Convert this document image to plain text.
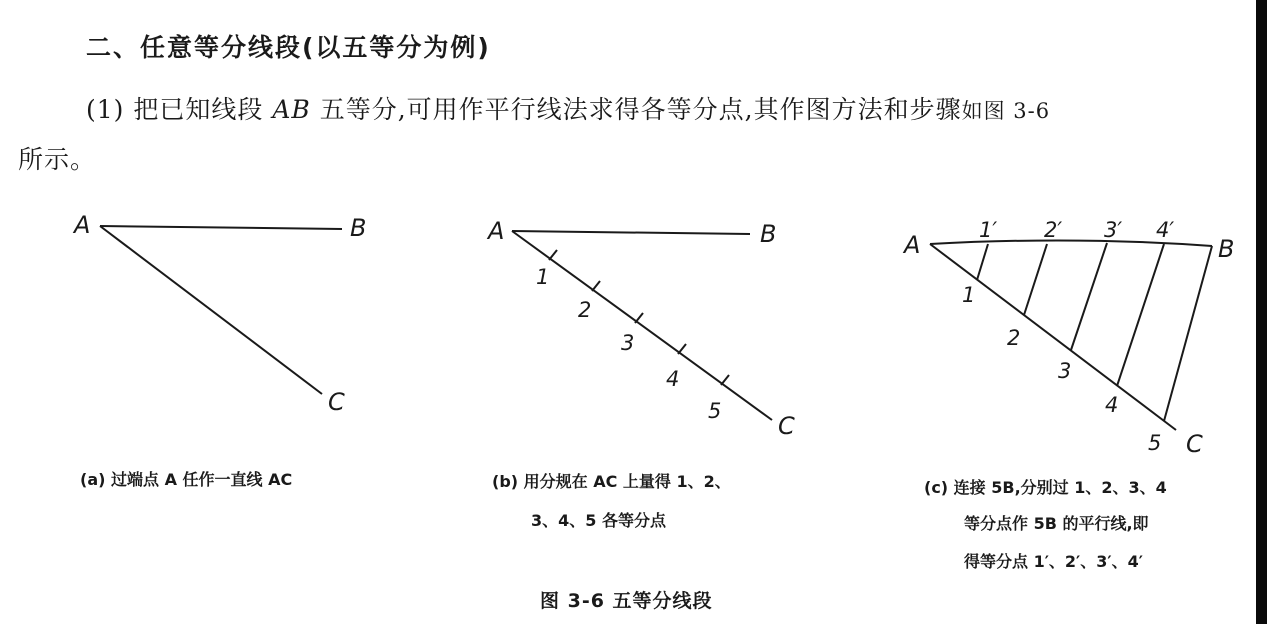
二、任意等分线段(以五等分为例)
(1) 把已知线段 AB 五等分,可用作平行线法求得各等分点,其作图方法和步骤如图 3-6
所示。
A	B
C
A	B
C
1
2
3
4
5
A	B
C
1′ 2′ 3′ 4′
1
2
3
4
5
(a) 过端点 A 任作一直线 AC	(b) 用分规在 AC 上量得 1、2、
3、4、5 各等分点
(c) 连接 5B,分别过 1、2、3、4
等分点作 5B 的平行线,即
得等分点 1′、2′、3′、4′
图 3-6 五等分线段
